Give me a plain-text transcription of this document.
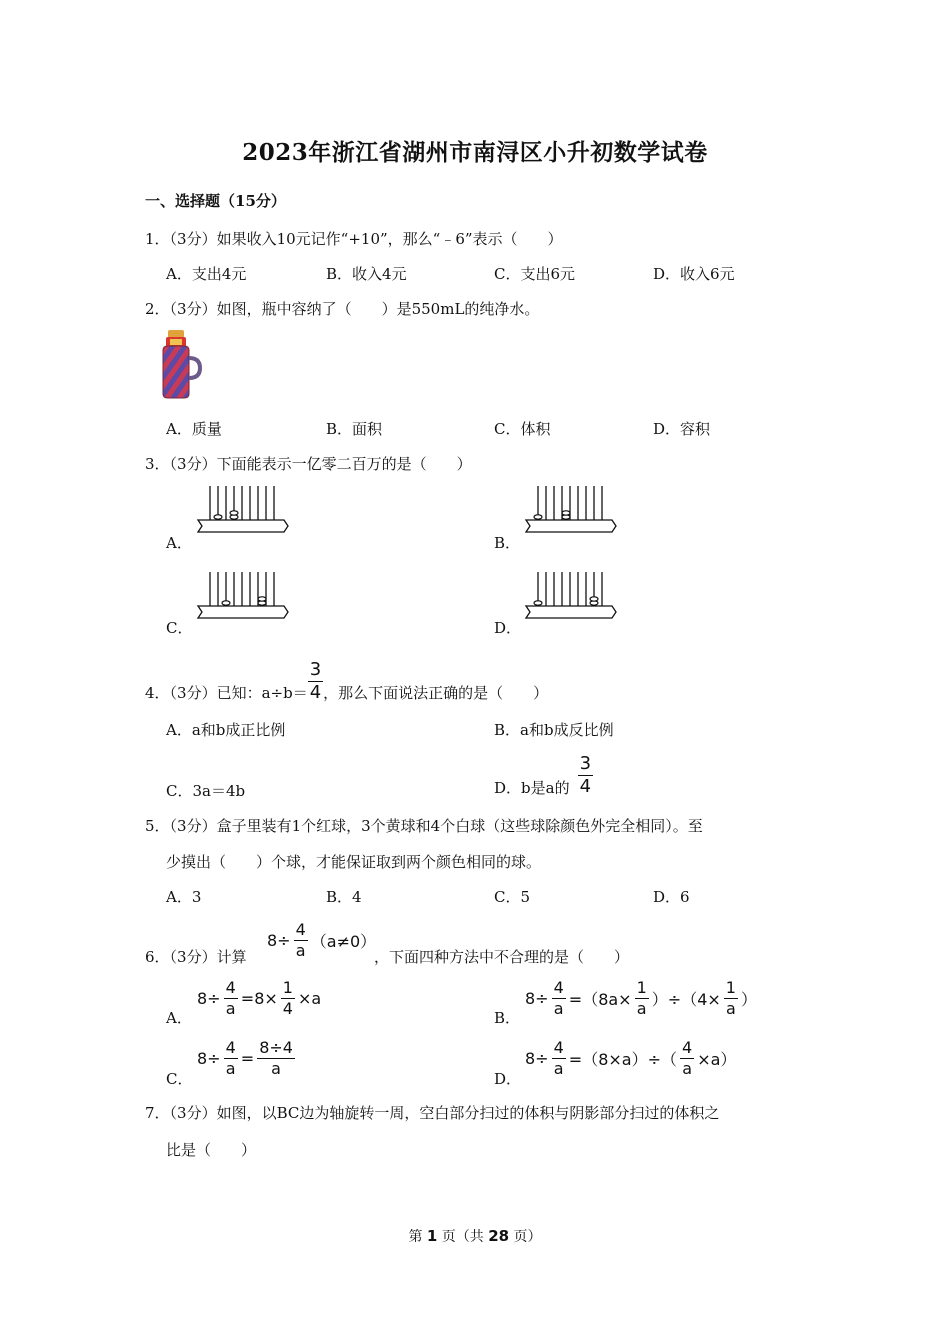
2023年浙江省湖州市南浔区小升初数学试卷
一、选择题（15分）
1．（3分）如果收入10元记作“+10”，那么“﹣6”表示（　　）
A．支出4元	B．收入4元	C．支出6元	D．收入6元
2．（3分）如图，瓶中容纳了（　　）是550mL的纯净水。
A．质量	B．面积	C．体积	D．容积
3．（3分）下面能表示一亿零二百万的是（　　）
A．	B．
C．	D．
4．（3分）已知：$a\div b= \frac{3}{4}$ ，那么下面说法正确的是（　　）
A．a和b成正比例	B．a和b成反比例
C．3a＝4b	D．b是a的 $\frac{3}{4}$
5．（3分）盒子里装有1个红球，3个黄球和4个白球（这些球除颜色外完全相同）。至
少摸出（　　）个球，才能保证取到两个颜色相同的球。
A．3	B．4	C．5	D．6
6．（3分）计算
$8\div \frac{4}{a} (a\ne 0)$
，下面四种方法中不合理的是（　　）
A．
$8\div \frac{4}{a} =8\times \frac{1}{4} \times a$
B．
$8\div \frac{4}{a} =(8a\times \frac{1}{a} )\div(4\times \frac{1}{a}$ ）
C．
$8\div \frac{4}{a} = \frac{8\div 4}{a}$
D．
$8\div \frac{4}{a} =(8\times a)\div( \frac{4}{a} \times a)$
7．（3分）如图，以BC边为轴旋转一周，空白部分扫过的体积与阴影部分扫过的体积之
比是（　　）
第 1 页（共 28 页）
